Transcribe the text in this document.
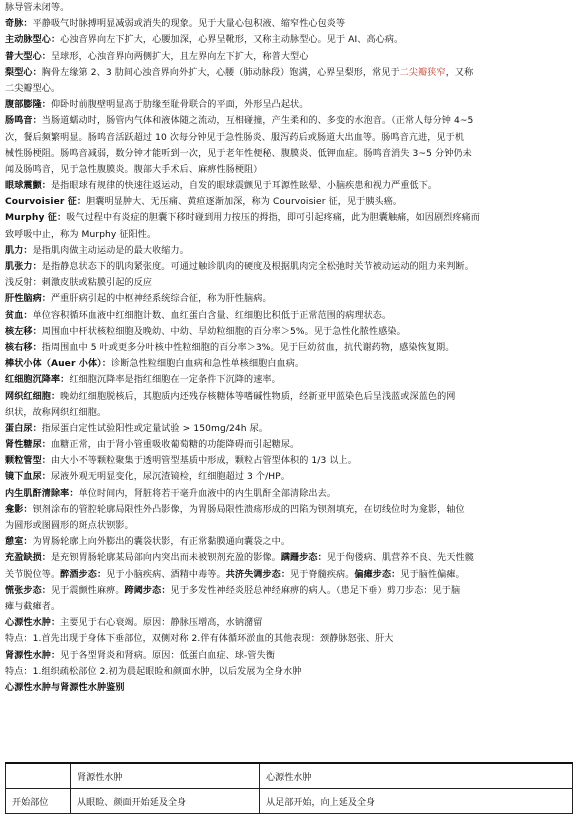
脉导管未闭等。
奇脉：平静吸气时脉搏明显减弱或消失的现象。见于大量心包积液、缩窄性心包炎等
主动脉型心：心浊音界向左下扩大，心腰加深，心界呈靴形，又称主动脉型心。见于 AI、高心病。
普大型心：呈球形，心浊音界向两侧扩大，且左界向左下扩大，称普大型心
梨型心：胸骨左缘第 2、3 肋间心浊音界向外扩大，心腰（肺动脉段）饱满，心界呈梨形，常见于二尖瓣狭窄，又称
二尖瓣型心。
腹部膨隆：仰卧时前腹壁明显高于肋缘至耻骨联合的平面，外形呈凸起状。
肠鸣音：当肠道蠕动时，肠管内气体和液体随之流动，互相碰撞，产生柔和的、多变的水泡音。（正常人每分钟 4~5
次，餐后频繁明显。肠鸣音活跃超过 10 次每分钟见于急性肠炎、服泻药后或肠道大出血等。肠鸣音亢进，见于机
械性肠梗阻。肠鸣音减弱，数分钟才能听到一次，见于老年性便秘、腹膜炎、低钾血症。肠鸣音消失 3~5 分钟仍未
闻及肠鸣音，见于急性腹膜炎。腹部大手术后、麻痹性肠梗阻）
眼球震颤：是指眼球有规律的快速往返运动，自发的眼球震颤见于耳源性眩晕、小脑疾患和视力严重低下。
Courvoisier 征：胆囊明显肿大、无压痛、黄疸逐渐加深，称为 Courvoisier 征，见于胰头癌。
Murphy 征：吸气过程中有炎症的胆囊下移时碰到用力按压的拇指，即可引起疼痛，此为胆囊触痛，如因剧烈疼痛而
致呼吸中止，称为 Murphy 征阳性。
肌力：是指肌肉做主动运动是的最大收缩力。
肌张力：是指静息状态下的肌肉紧张度。可通过触诊肌肉的硬度及根据肌肉完全松弛时关节被动运动的阻力来判断。
浅反射：刺激皮肤或粘膜引起的反应
肝性脑病：严重肝病引起的中枢神经系统综合征，称为肝性脑病。
贫血：单位容积循环血液中红细胞计数、血红蛋白含量、红细胞比积低于正常范围的病理状态。
核左移：周围血中杆状核粒细胞及晚幼、中幼、早幼粒细胞的百分率＞5%。见于急性化脓性感染。
核右移：指周围血中 5 叶或更多分叶核中性粒细胞的百分率＞3%。见于巨幼贫血，抗代谢药物，感染恢复期。
棒状小体（Auer 小体）：诊断急性粒细胞白血病和急性单核细胞白血病。
红细胞沉降率：红细胞沉降率是指红细胞在一定条件下沉降的速率。
网织红细胞：晚幼红细胞脱核后，其胞质内还残存核糖体等嗜碱性物质，经新亚甲蓝染色后呈浅蓝或深蓝色的网
织状，故称网织红细胞。
蛋白尿：指尿蛋白定性试验阳性或定量试验 > 150mg/24h 尿。
肾性糖尿：血糖正常，由于肾小管重吸收葡萄糖的功能降碍而引起糖尿。
颗粒管型：由大小不等颗粒聚集于透明管型基质中形成，颗粒占管型体积的 1/3 以上。
镜下血尿：尿液外观无明显变化，尿沉渣镜检，红细胞超过 3 个/HP。
内生肌酐清除率：单位时间内，肾脏将若干毫升血液中的内生肌酐全部清除出去。
龛影：钡剂涂布的管腔轮廓局限性外凸影像，为胃肠局限性溃疡形成的凹陷为钡剂填充，在切线位时为龛影，轴位
为圆形或图圆形的斑点状钡影。
憩室：为胃肠轮廓上向外膨出的囊袋状影，有正常黏膜通向囊袋之中。
充盈缺损：是充钡胃肠轮廓某局部向内突出而未被钡剂充盈的影像。蹒跚步态：见于佝偻病、肌营养不良、先天性髋
关节脱位等。醉酒步态：见于小脑疾病、酒精中毒等。共济失调步态：见于脊髓疾病。偏瘫步态：见于脑性偏瘫。
慌张步态：见于震颤性麻痹。跨阈步态：见于多发性神经炎胫总神经麻痹的病人。（患足下垂）剪刀步态：见于脑
瘫与截瘫者。
心源性水肿：主要见于右心衰竭。原因：静脉压增高，水钠潴留
特点：1.首先出现于身体下垂部位，双侧对称 2.伴有体循环淤血的其他表现：颈静脉怒张、肝大
肾源性水肿：见于各型肾炎和肾病。原因：低蛋白血症、球-管失衡
特点：1.组织疏松部位 2.初为晨起眼睑和颜面水肿，以后发展为全身水肿
心源性水肿与肾源性水肿鉴别
	肾源性水肿	心源性水肿
开始部位	从眼睑、颜面开始延及全身	从足部开始，向上延及全身
